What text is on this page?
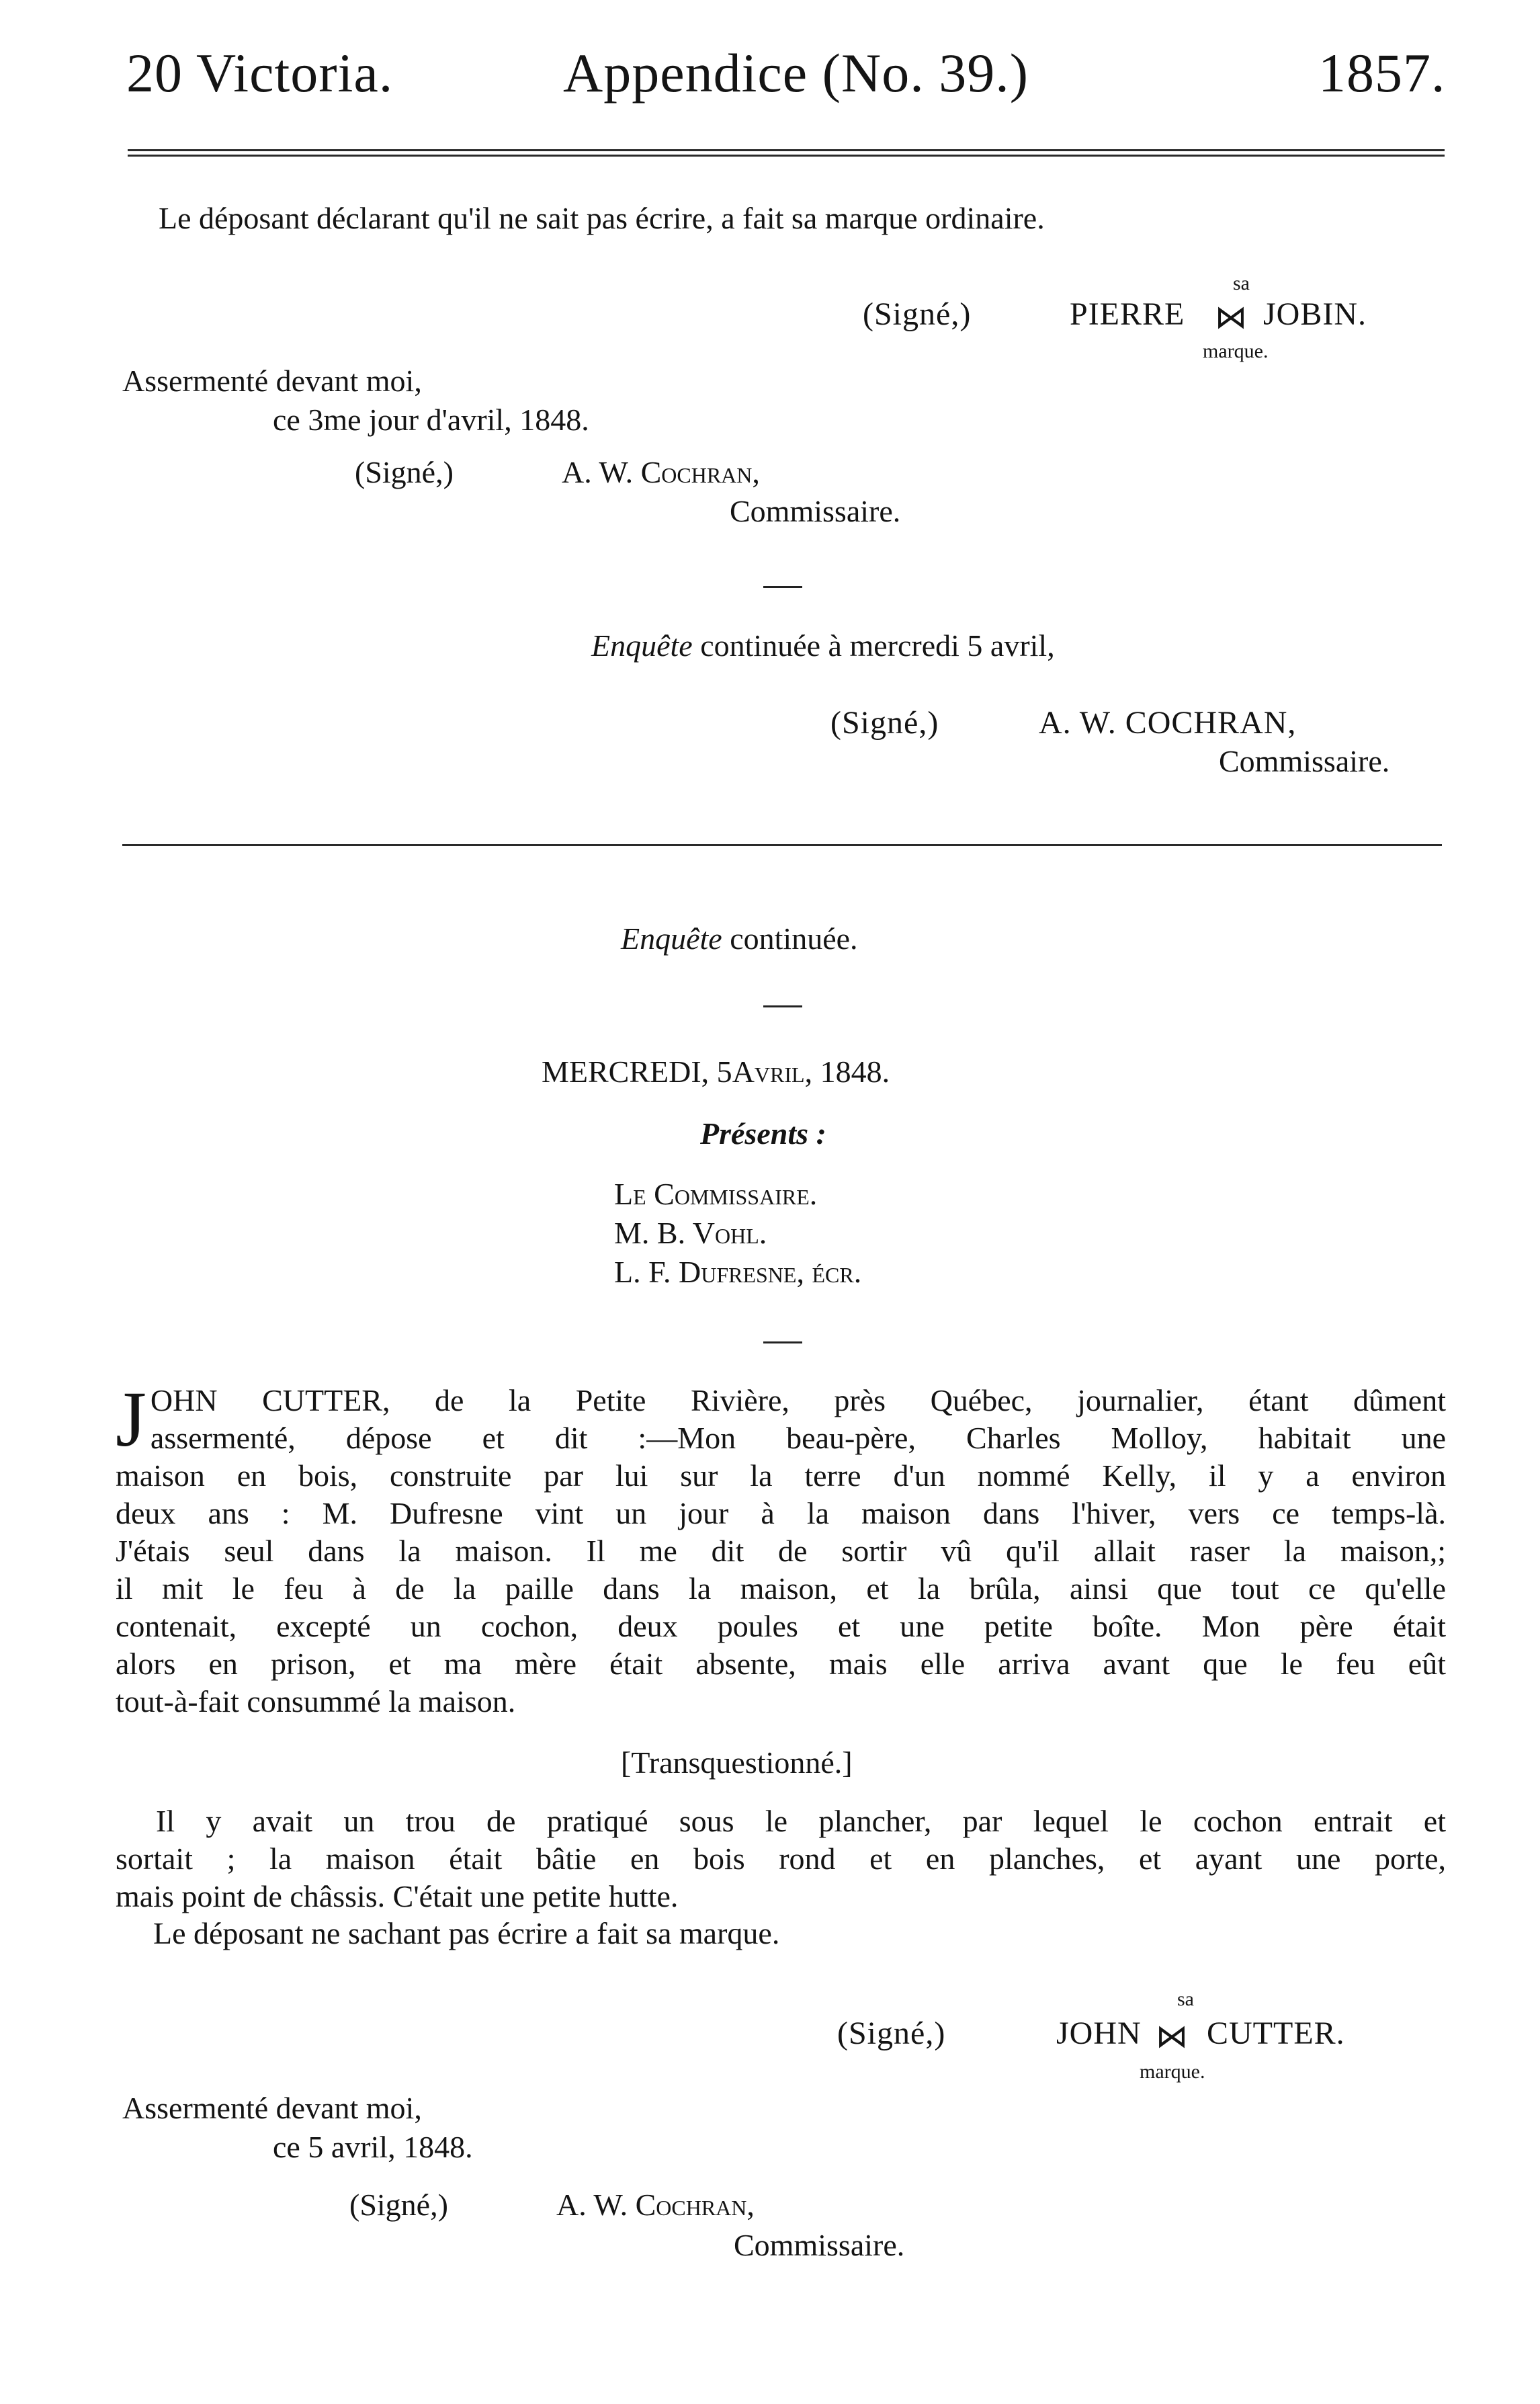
20 Victoria.	Appendice (No. 39.)	1857.
Le déposant déclarant qu'il ne sait pas écrire, a fait sa marque ordinaire.
sa
(Signé,)	PIERRE ⋈ JOBIN.
marque.
Assermenté devant moi,
ce 3me jour d'avril, 1848.
(Signé,)	A. W. Cochran,
Commissaire.
Enquête continuée à mercredi 5 avril,
(Signé,)	A. W. COCHRAN,
Commissaire.
Enquête continuée.
MERCREDI, 5Avril, 1848.
Présents :
Le Commissaire.
M. B. Vohl.
L. F. Dufresne, écr.
J OHN CUTTER, de la Petite Rivière, près Québec, journalier, étant dûment
assermenté, dépose et dit :—Mon beau-père, Charles Molloy, habitait une
maison en bois, construite par lui sur la terre d'un nommé Kelly, il y a environ
deux ans : M. Dufresne vint un jour à la maison dans l'hiver, vers ce temps-là.
J'étais seul dans la maison. Il me dit de sortir vû qu'il allait raser la maison,;
il mit le feu à de la paille dans la maison, et la brûla, ainsi que tout ce qu'elle
contenait, excepté un cochon, deux poules et une petite boîte. Mon père était
alors en prison, et ma mère était absente, mais elle arriva avant que le feu eût
tout-à-fait consummé la maison.
[Transquestionné.]
Il y avait un trou de pratiqué sous le plancher, par lequel le cochon entrait et
sortait ; la maison était bâtie en bois rond et en planches, et ayant une porte,
mais point de châssis. C'était une petite hutte.
Le déposant ne sachant pas écrire a fait sa marque.
sa
(Signé,)	JOHN ⋈ CUTTER.
marque.
Assermenté devant moi,
ce 5 avril, 1848.
(Signé,)	A. W. Cochran,
Commissaire.
